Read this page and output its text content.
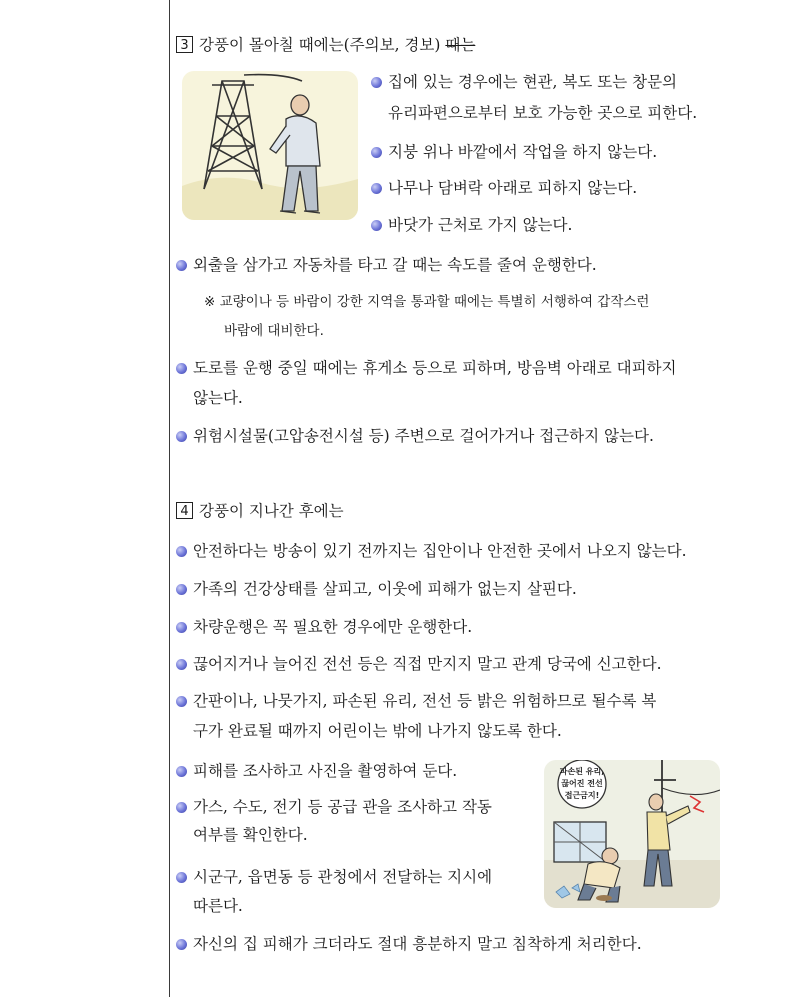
3 강풍이 몰아칠 때에는(주의보, 경보) 때는
집에 있는 경우에는 현관, 복도 또는 창문의
유리파편으로부터 보호 가능한 곳으로 피한다.
지붕 위나 바깥에서 작업을 하지 않는다.
나무나 담벼락 아래로 피하지 않는다.
바닷가 근처로 가지 않는다.
외출을 삼가고 자동차를 타고 갈 때는 속도를 줄여 운행한다.
※ 교량이나 등 바람이 강한 지역을 통과할 때에는 특별히 서행하여 갑작스런
바람에 대비한다.
도로를 운행 중일 때에는 휴게소 등으로 피하며, 방음벽 아래로 대피하지
않는다.
위험시설물(고압송전시설 등) 주변으로 걸어가거나 접근하지 않는다.
4 강풍이 지나간 후에는
안전하다는 방송이 있기 전까지는 집안이나 안전한 곳에서 나오지 않는다.
가족의 건강상태를 살피고, 이웃에 피해가 없는지 살핀다.
차량운행은 꼭 필요한 경우에만 운행한다.
끊어지거나 늘어진 전선 등은 직접 만지지 말고 관계 당국에 신고한다.
간판이나, 나뭇가지, 파손된 유리, 전선 등 밝은 위험하므로 될수록 복
구가 완료될 때까지 어린이는 밖에 나가지 않도록 한다.
피해를 조사하고 사진을 촬영하여 둔다.
가스, 수도, 전기 등 공급 관을 조사하고 작동
여부를 확인한다.
시군구, 읍면동 등 관청에서 전달하는 지시에
따른다.
자신의 집 피해가 크더라도 절대 흥분하지 말고 침착하게 처리한다.
파손된 유리,
끊어진 전선
접근금지!
